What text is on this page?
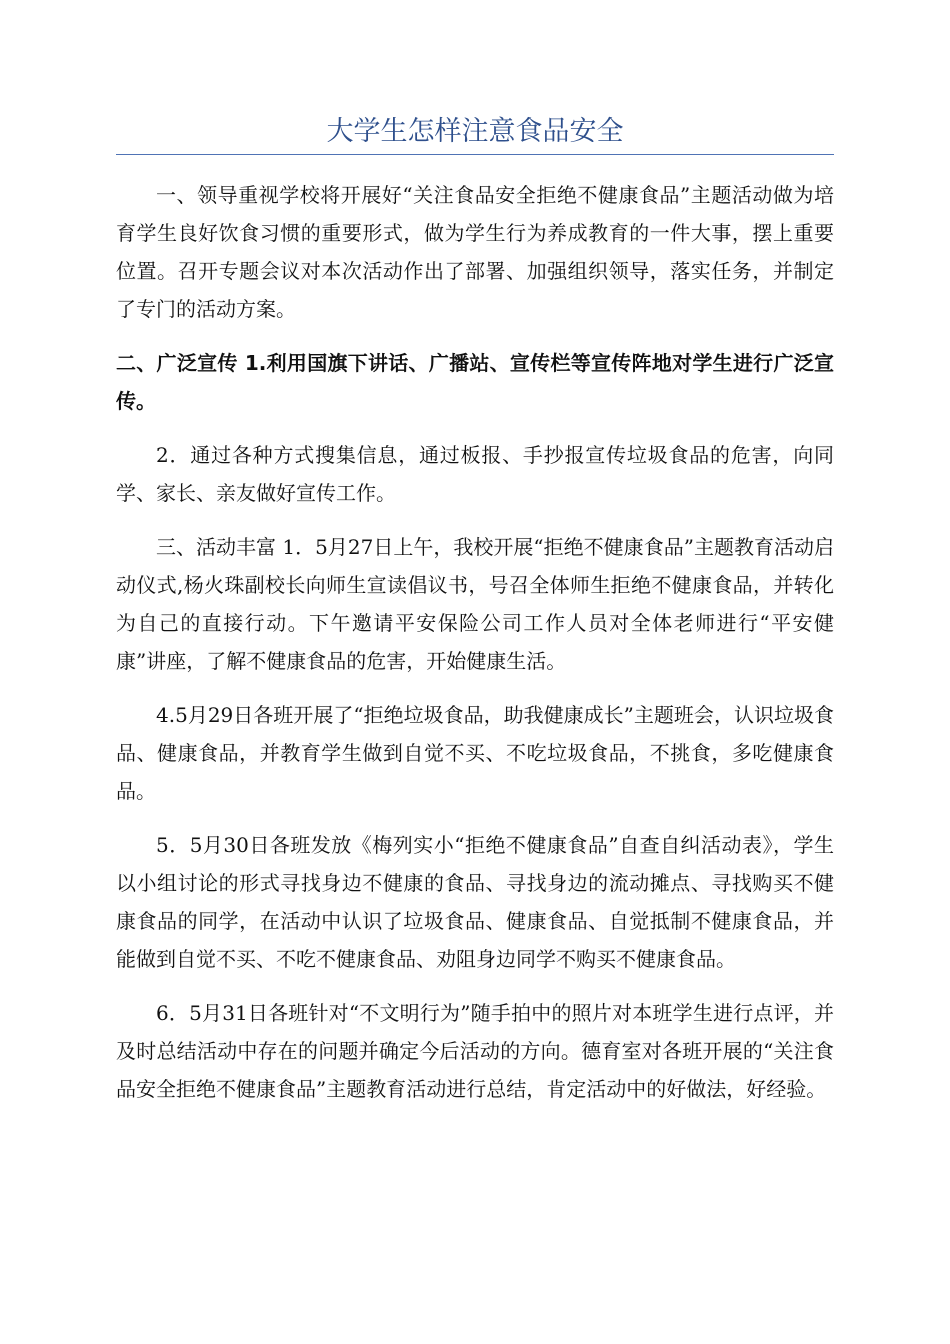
大学生怎样注意食品安全

一、领导重视学校将开展好“关注食品安全拒绝不健康食品”主题活动做为培育学生良好饮食习惯的重要形式，做为学生行为养成教育的一件大事，摆上重要位置。召开专题会议对本次活动作出了部署、加强组织领导，落实任务，并制定了专门的活动方案。

二、广泛宣传 1.利用国旗下讲话、广播站、宣传栏等宣传阵地对学生进行广泛宣传。

2．通过各种方式搜集信息，通过板报、手抄报宣传垃圾食品的危害，向同学、家长、亲友做好宣传工作。

三、活动丰富 1．5月27日上午，我校开展“拒绝不健康食品”主题教育活动启动仪式,杨火珠副校长向师生宣读倡议书，号召全体师生拒绝不健康食品，并转化为自己的直接行动。下午邀请平安保险公司工作人员对全体老师进行“平安健康”讲座，了解不健康食品的危害，开始健康生活。

4.5月29日各班开展了“拒绝垃圾食品，助我健康成长”主题班会，认识垃圾食品、健康食品，并教育学生做到自觉不买、不吃垃圾食品，不挑食，多吃健康食品。

5．5月30日各班发放《梅列实小“拒绝不健康食品”自查自纠活动表》，学生以小组讨论的形式寻找身边不健康的食品、寻找身边的流动摊点、寻找购买不健康食品的同学，在活动中认识了垃圾食品、健康食品、自觉抵制不健康食品，并能做到自觉不买、不吃不健康食品、劝阻身边同学不购买不健康食品。

6．5月31日各班针对“不文明行为”随手拍中的照片对本班学生进行点评，并及时总结活动中存在的问题并确定今后活动的方向。德育室对各班开展的“关注食品安全拒绝不健康食品”主题教育活动进行总结，肯定活动中的好做法，好经验。
